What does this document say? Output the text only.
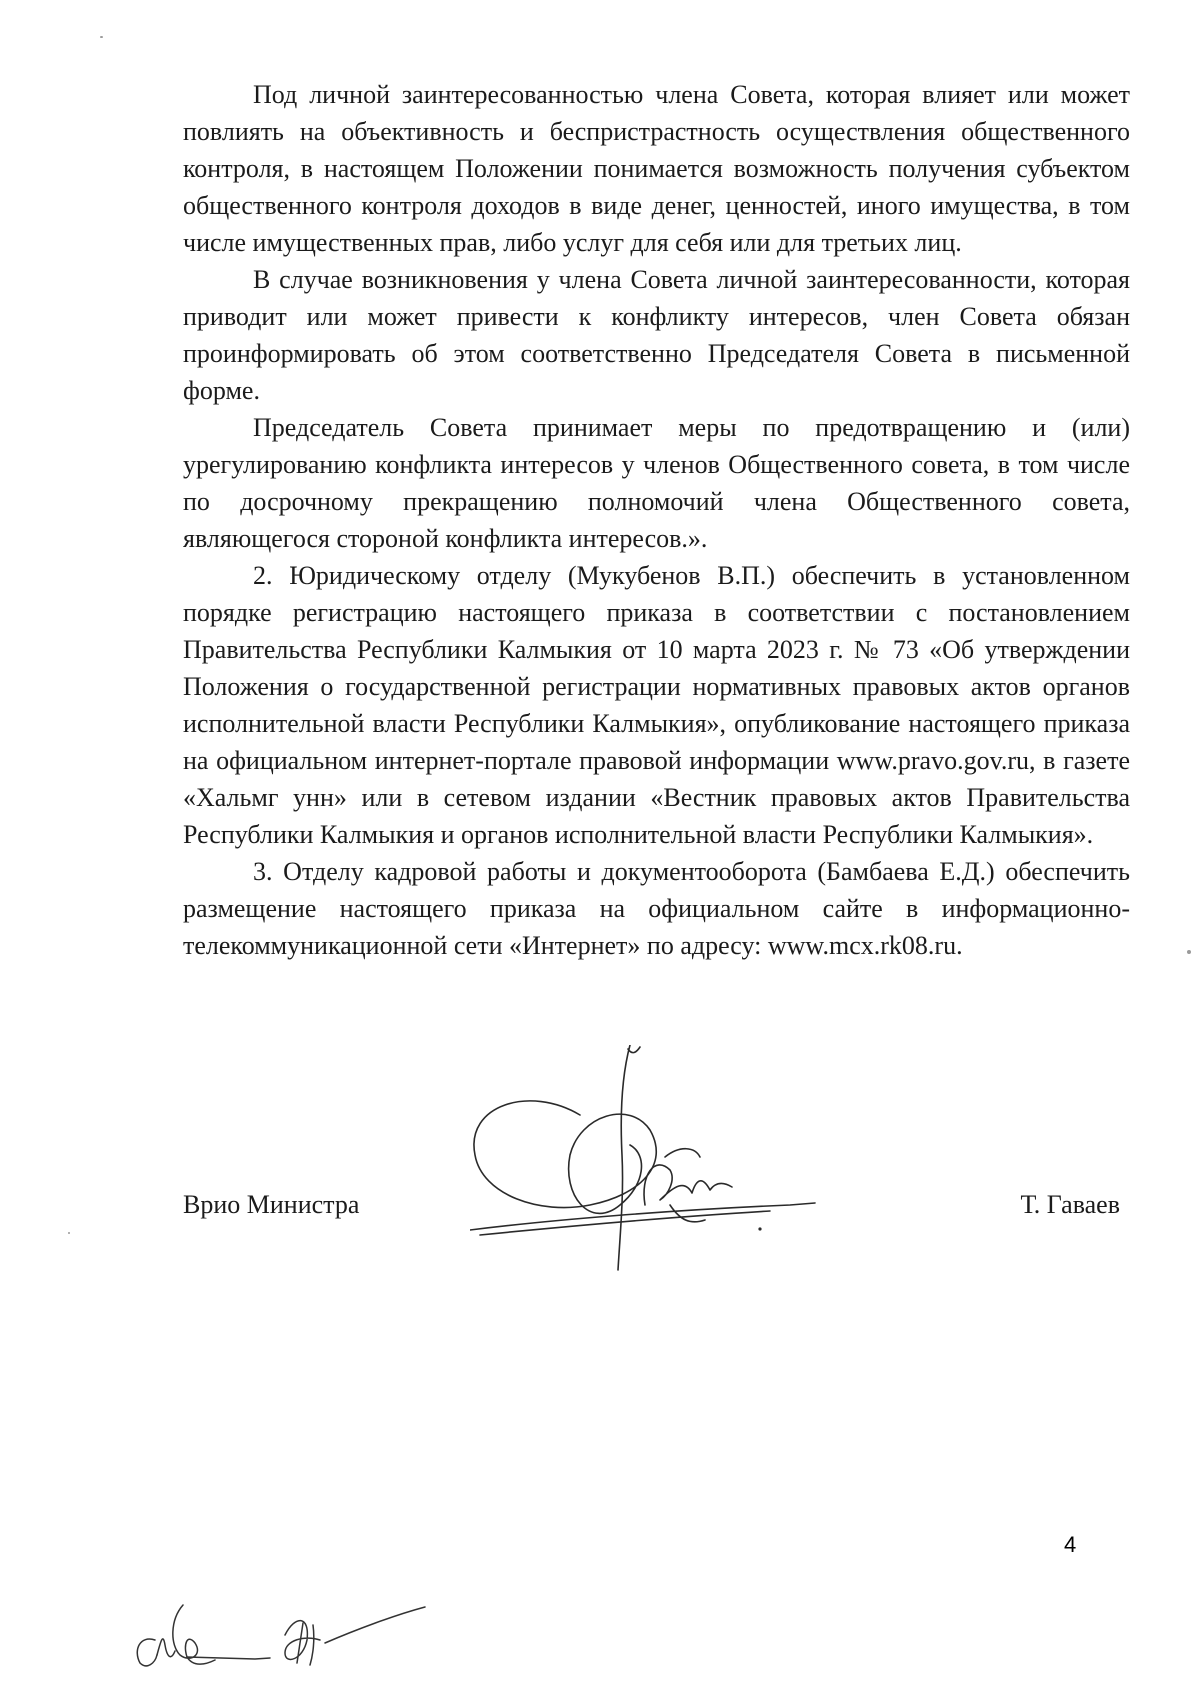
Под личной заинтересованностью члена Совета, которая влияет или может повлиять на объективность и беспристрастность осуществления общественного контроля, в настоящем Положении понимается возможность получения субъектом общественного контроля доходов в виде денег, ценностей, иного имущества, в том числе имущественных прав, либо услуг для себя или для третьих лиц.

В случае возникновения у члена Совета личной заинтересованности, которая приводит или может привести к конфликту интересов, член Совета обязан проинформировать об этом соответственно Председателя Совета в письменной форме.

Председатель Совета принимает меры по предотвращению и (или) урегулированию конфликта интересов у членов Общественного совета, в том числе по досрочному прекращению полномочий члена Общественного совета, являющегося стороной конфликта интересов.».

2. Юридическому отделу (Мукубенов В.П.) обеспечить в установленном порядке регистрацию настоящего приказа в соответствии с постановлением Правительства Республики Калмыкия от 10 марта 2023 г. № 73 «Об утверждении Положения о государственной регистрации нормативных правовых актов органов исполнительной власти Республики Калмыкия», опубликование настоящего приказа на официальном интернет-портале правовой информации www.pravo.gov.ru, в газете «Хальмг унн» или в сетевом издании «Вестник правовых актов Правительства Республики Калмыкия и органов исполнительной власти Республики Калмыкия».

3. Отделу кадровой работы и документооборота (Бамбаева Е.Д.) обеспечить размещение настоящего приказа на официальном сайте в информационно-телекоммуникационной сети «Интернет» по адресу: www.mcx.rk08.ru.

Врио Министра	Т. Гаваев
4
